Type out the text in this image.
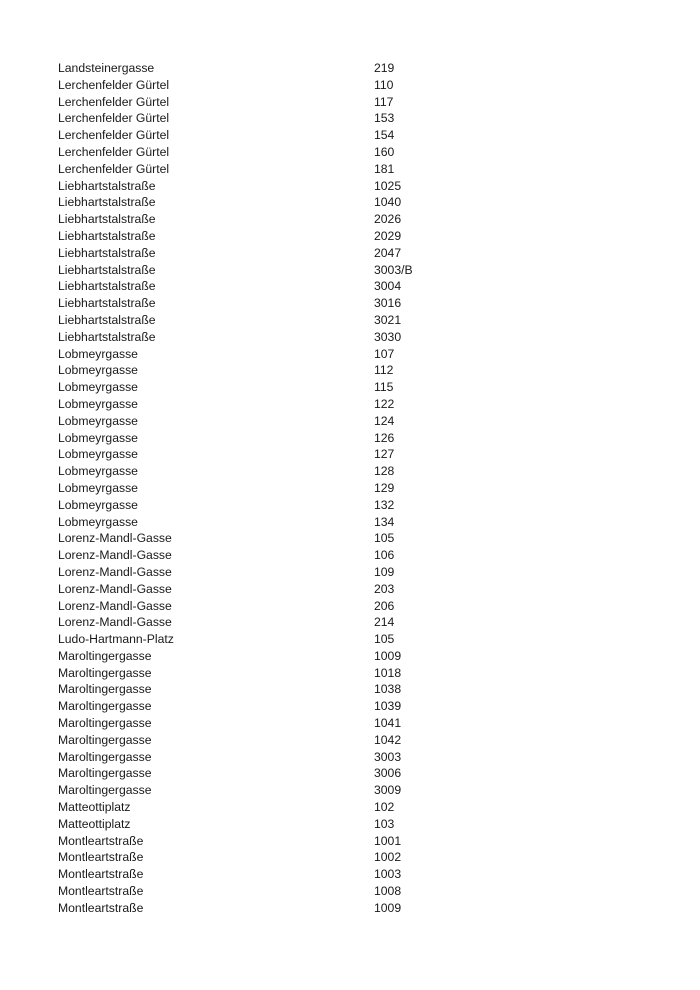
Landsteinergasse	219
Lerchenfelder Gürtel	110
Lerchenfelder Gürtel	117
Lerchenfelder Gürtel	153
Lerchenfelder Gürtel	154
Lerchenfelder Gürtel	160
Lerchenfelder Gürtel	181
Liebhartstalstraße	1025
Liebhartstalstraße	1040
Liebhartstalstraße	2026
Liebhartstalstraße	2029
Liebhartstalstraße	2047
Liebhartstalstraße	3003/B
Liebhartstalstraße	3004
Liebhartstalstraße	3016
Liebhartstalstraße	3021
Liebhartstalstraße	3030
Lobmeyrgasse	107
Lobmeyrgasse	112
Lobmeyrgasse	115
Lobmeyrgasse	122
Lobmeyrgasse	124
Lobmeyrgasse	126
Lobmeyrgasse	127
Lobmeyrgasse	128
Lobmeyrgasse	129
Lobmeyrgasse	132
Lobmeyrgasse	134
Lorenz-Mandl-Gasse	105
Lorenz-Mandl-Gasse	106
Lorenz-Mandl-Gasse	109
Lorenz-Mandl-Gasse	203
Lorenz-Mandl-Gasse	206
Lorenz-Mandl-Gasse	214
Ludo-Hartmann-Platz	105
Maroltingergasse	1009
Maroltingergasse	1018
Maroltingergasse	1038
Maroltingergasse	1039
Maroltingergasse	1041
Maroltingergasse	1042
Maroltingergasse	3003
Maroltingergasse	3006
Maroltingergasse	3009
Matteottiplatz	102
Matteottiplatz	103
Montleartstraße	1001
Montleartstraße	1002
Montleartstraße	1003
Montleartstraße	1008
Montleartstraße	1009
